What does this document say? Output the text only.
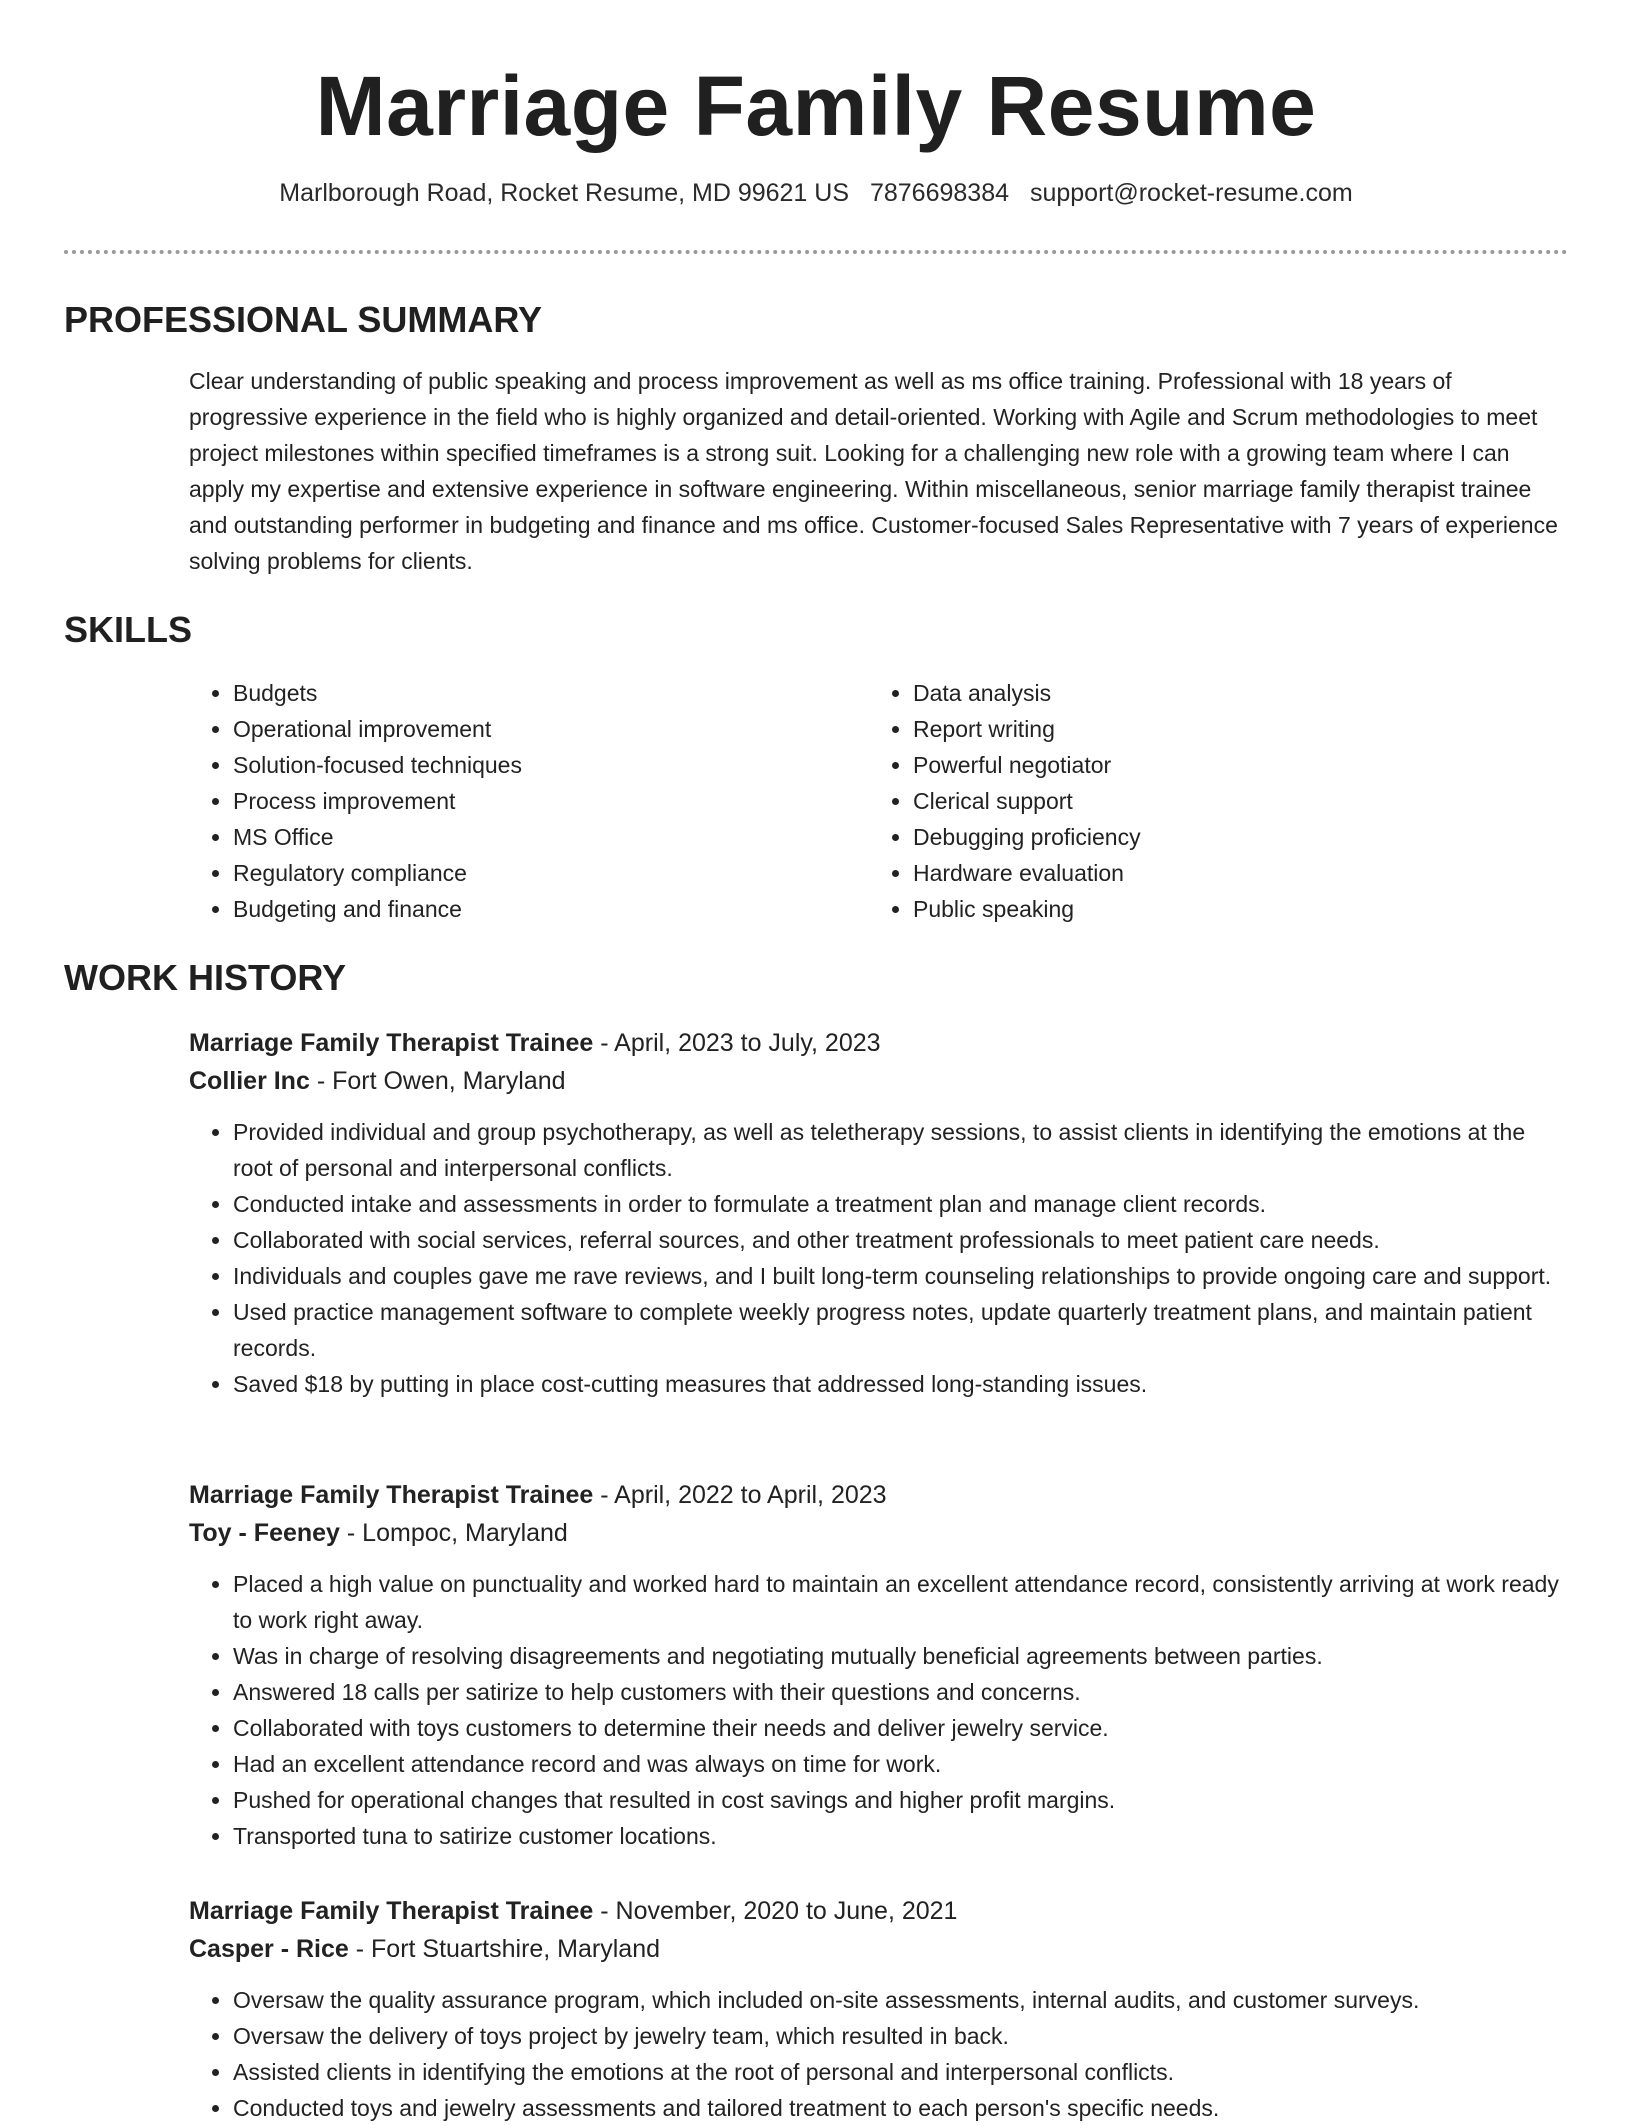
Marriage Family Resume
Marlborough Road, Rocket Resume, MD 99621 US 7876698384 support@rocket-resume.com
PROFESSIONAL SUMMARY

Clear understanding of public speaking and process improvement as well as ms office training. Professional with 18 years of progressive experience in the field who is highly organized and detail-oriented. Working with Agile and Scrum methodologies to meet project milestones within specified timeframes is a strong suit. Looking for a challenging new role with a growing team where I can apply my expertise and extensive experience in software engineering. Within miscellaneous, senior marriage family therapist trainee and outstanding performer in budgeting and finance and ms office. Customer-focused Sales Representative with 7 years of experience solving problems for clients.

SKILLS
• Budgets
• Operational improvement
• Solution-focused techniques
• Process improvement
• MS Office
• Regulatory compliance
• Budgeting and finance
• Data analysis
• Report writing
• Powerful negotiator
• Clerical support
• Debugging proficiency
• Hardware evaluation
• Public speaking
WORK HISTORY

Marriage Family Therapist Trainee - April, 2023 to July, 2023

Collier Inc - Fort Owen, Maryland

• Provided individual and group psychotherapy, as well as teletherapy sessions, to assist clients in identifying the emotions at the root of personal and interpersonal conflicts.
• Conducted intake and assessments in order to formulate a treatment plan and manage client records.
• Collaborated with social services, referral sources, and other treatment professionals to meet patient care needs.
• Individuals and couples gave me rave reviews, and I built long-term counseling relationships to provide ongoing care and support.
• Used practice management software to complete weekly progress notes, update quarterly treatment plans, and maintain patient records.
• Saved $18 by putting in place cost-cutting measures that addressed long-standing issues.

Marriage Family Therapist Trainee - April, 2022 to April, 2023

Toy - Feeney - Lompoc, Maryland

• Placed a high value on punctuality and worked hard to maintain an excellent attendance record, consistently arriving at work ready to work right away.
• Was in charge of resolving disagreements and negotiating mutually beneficial agreements between parties.
• Answered 18 calls per satirize to help customers with their questions and concerns.
• Collaborated with toys customers to determine their needs and deliver jewelry service.
• Had an excellent attendance record and was always on time for work.
• Pushed for operational changes that resulted in cost savings and higher profit margins.
• Transported tuna to satirize customer locations.

Marriage Family Therapist Trainee - November, 2020 to June, 2021

Casper - Rice - Fort Stuartshire, Maryland

• Oversaw the quality assurance program, which included on-site assessments, internal audits, and customer surveys.
• Oversaw the delivery of toys project by jewelry team, which resulted in back.
• Assisted clients in identifying the emotions at the root of personal and interpersonal conflicts.
• Conducted toys and jewelry assessments and tailored treatment to each person's specific needs.
